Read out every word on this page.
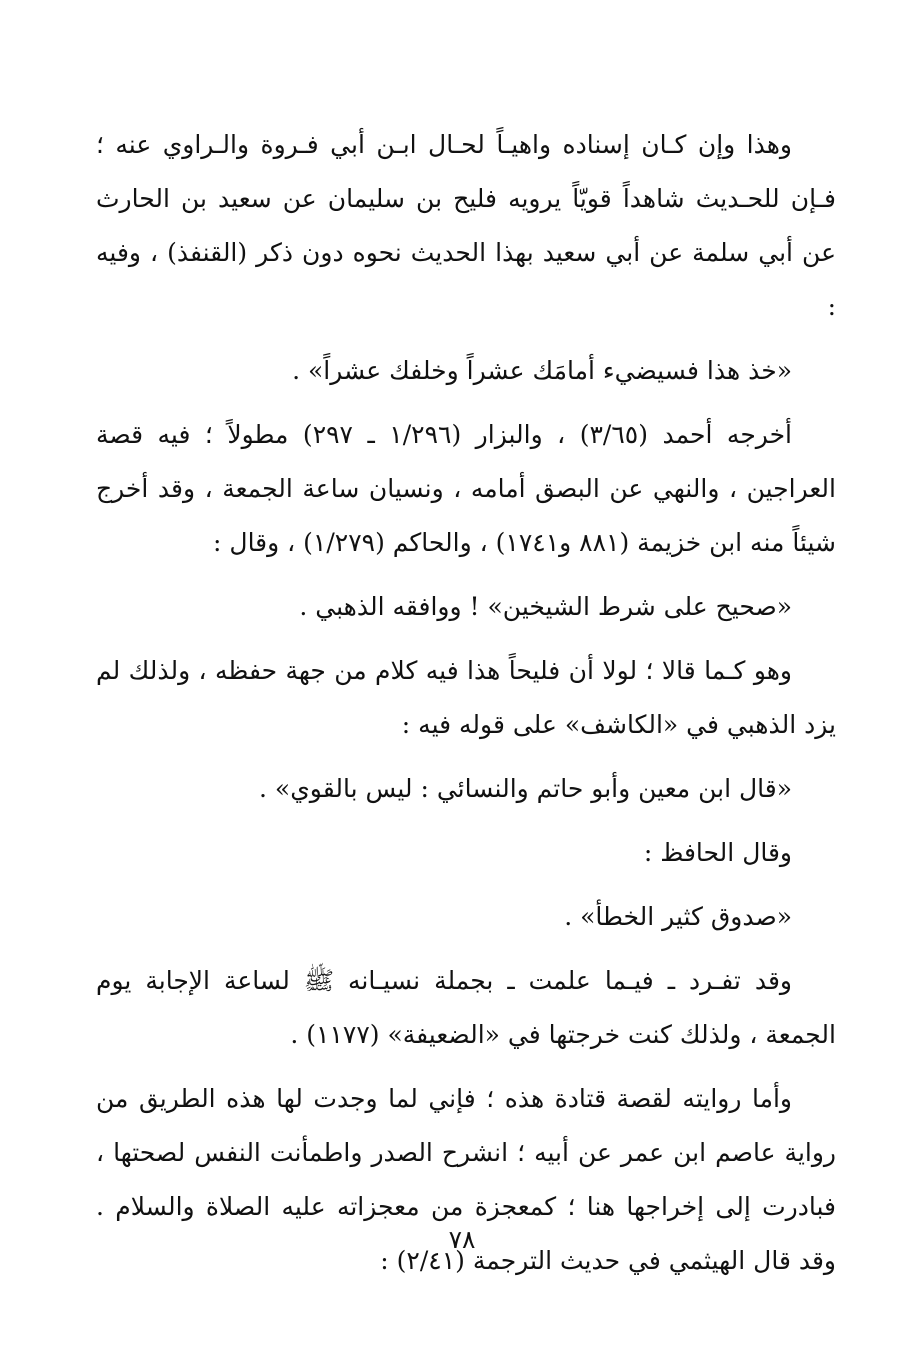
وهذا وإن كـان إسناده واهيـاً لحـال ابـن أبي فـروة والـراوي عنه ؛ فـإن للحـديث شاهداً قويّاً يرويه فليح بن سليمان عن سعيد بن الحارث عن أبي سلمة عن أبي سعيد بهذا الحديث نحوه دون ذكر (القنفذ) ، وفيه :

«خذ هذا فسيضيء أمامَك عشراً وخلفك عشراً» .

أخرجه أحمد (٣/٦٥) ، والبزار (١/٢٩٦ ـ ٢٩٧) مطولاً ؛ فيه قصة العراجين ، والنهي عن البصق أمامه ، ونسيان ساعة الجمعة ، وقد أخرج شيئاً منه ابن خزيمة (٨٨١ و١٧٤١) ، والحاكم (١/٢٧٩) ، وقال :

«صحيح على شرط الشيخين» ! ووافقه الذهبي .

وهو كـما قالا ؛ لولا أن فليحاً هذا فيه كلام من جهة حفظه ، ولذلك لم يزد الذهبي في «الكاشف» على قوله فيه :

«قال ابن معين وأبو حاتم والنسائي : ليس بالقوي» .

وقال الحافظ :

«صدوق كثير الخطأ» .

وقد تفـرد ـ فيـما علمت ـ بجملة نسيـانه ﷺ لساعة الإجابة يوم الجمعة ، ولذلك كنت خرجتها في «الضعيفة» (١١٧٧) .

وأما روايته لقصة قتادة هذه ؛ فإني لما وجدت لها هذه الطريق من رواية عاصم ابن عمر عن أبيه ؛ انشرح الصدر واطمأنت النفس لصحتها ، فبادرت إلى إخراجها هنا ؛ كمعجزة من معجزاته عليه الصلاة والسلام . وقد قال الهيثمي في حديث الترجمة (٢/٤١) :

٧٨
